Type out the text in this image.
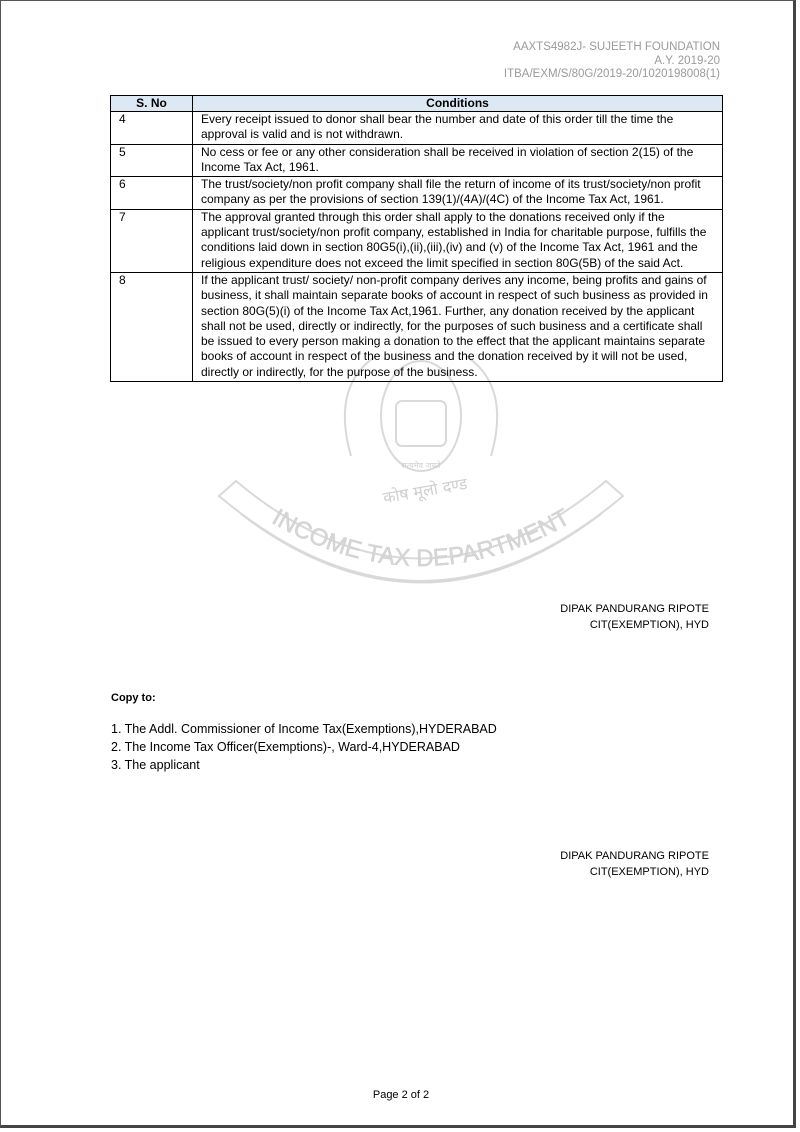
AAXTS4982J- SUJEETH FOUNDATION
A.Y. 2019-20
ITBA/EXM/S/80G/2019-20/1020198008(1)
INCOME TAX DEPARTMENT
कोष मूलो दण्ड
सत्यमेव जयते
S. No	Conditions
4	Every receipt issued to donor shall bear the number and date of this order till the time the approval is valid and is not withdrawn.
5	No cess or fee or any other consideration shall be received in violation of section 2(15) of the Income Tax Act, 1961.
6	The trust/society/non profit company shall file the return of income of its trust/society/non profit company as per the provisions of section 139(1)/(4A)/(4C) of the Income Tax Act, 1961.
7	The approval granted through this order shall apply to the donations received only if the applicant trust/society/non profit company, established in India for charitable purpose, fulfills the conditions laid down in section 80G5(i),(ii),(iii),(iv) and (v) of the Income Tax Act, 1961 and the religious expenditure does not exceed the limit specified in section 80G(5B) of the said Act.
8	If the applicant trust/ society/ non-profit company derives any income, being profits and gains of business, it shall maintain separate books of account in respect of such business as provided in section 80G(5)(i) of the Income Tax Act,1961. Further, any donation received by the applicant shall not be used, directly or indirectly, for the purposes of such business and a certificate shall be issued to every person making a donation to the effect that the applicant maintains separate books of account in respect of the business and the donation received by it will not be used, directly or indirectly, for the purpose of the business.
DIPAK PANDURANG RIPOTE
CIT(EXEMPTION), HYD
Copy to:
1. The Addl. Commissioner of Income Tax(Exemptions),HYDERABAD
2. The Income Tax Officer(Exemptions)-, Ward-4,HYDERABAD
3. The applicant
DIPAK PANDURANG RIPOTE
CIT(EXEMPTION), HYD
Page 2 of 2
